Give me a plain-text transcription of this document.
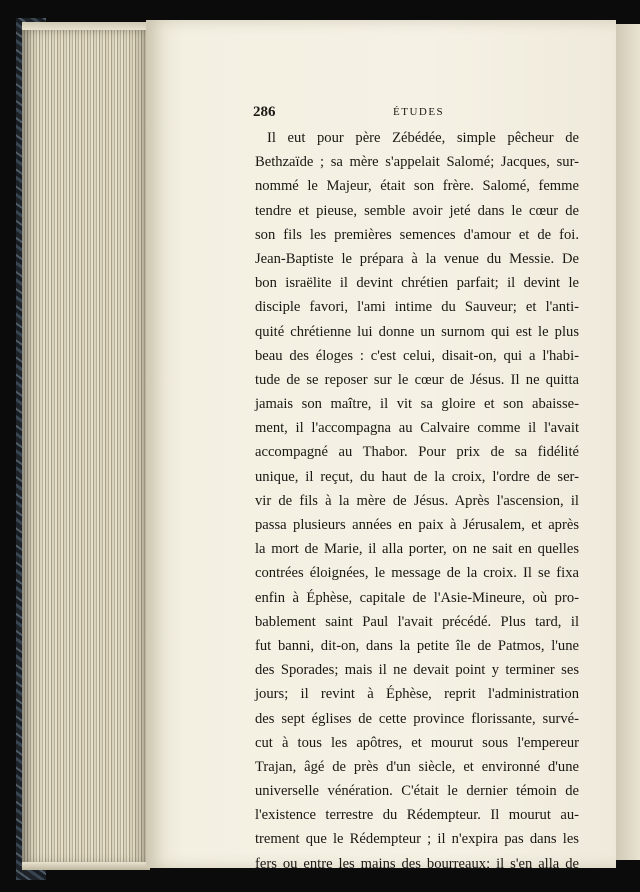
286	ÉTUDES
Il eut pour père Zébédée, simple pêcheur de
Bethzaïde ; sa mère s'appelait Salomé; Jacques, sur-
nommé le Majeur, était son frère. Salomé, femme
tendre et pieuse, semble avoir jeté dans le cœur de
son fils les premières semences d'amour et de foi.
Jean-Baptiste le prépara à la venue du Messie. De
bon israëlite il devint chrétien parfait; il devint le
disciple favori, l'ami intime du Sauveur; et l'anti-
quité chrétienne lui donne un surnom qui est le plus
beau des éloges : c'est celui, disait-on, qui a l'habi-
tude de se reposer sur le cœur de Jésus. Il ne quitta
jamais son maître, il vit sa gloire et son abaisse-
ment, il l'accompagna au Calvaire comme il l'avait
accompagné au Thabor. Pour prix de sa fidélité
unique, il reçut, du haut de la croix, l'ordre de ser-
vir de fils à la mère de Jésus. Après l'ascension, il
passa plusieurs années en paix à Jérusalem, et après
la mort de Marie, il alla porter, on ne sait en quelles
contrées éloignées, le message de la croix. Il se fixa
enfin à Éphèse, capitale de l'Asie-Mineure, où pro-
bablement saint Paul l'avait précédé. Plus tard, il
fut banni, dit-on, dans la petite île de Patmos, l'une
des Sporades; mais il ne devait point y terminer ses
jours; il revint à Éphèse, reprit l'administration
des sept églises de cette province florissante, survé-
cut à tous les apôtres, et mourut sous l'empereur
Trajan, âgé de près d'un siècle, et environné d'une
universelle vénération. C'était le dernier témoin de
l'existence terrestre du Rédempteur. Il mourut au-
trement que le Rédempteur ; il n'expira pas dans les
fers ou entre les mains des bourreaux; il s'en alla de
